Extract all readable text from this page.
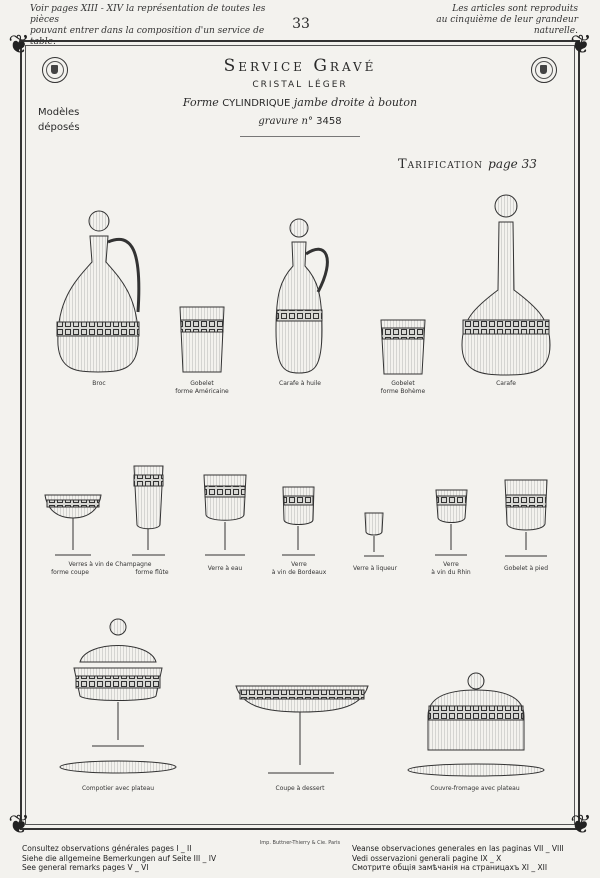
Voir pages XIII - XIV la représentation de toutes les pièces
pouvant entrer dans la composition d'un service de table.
33
Les articles sont reproduits
au cinquième de leur grandeur naturelle.
❦	❦
❦	❦
Service Gravé
CRISTAL LÉGER
Forme CYLINDRIQUE jambe droite à bouton
gravure n° 3458
Modèles
déposés
Tarification page 33
Broc	Gobelet
forme Américaine
Carafe à huile	Gobelet
forme Bohème
Carafe
Verres à vin de Champagne
forme coupe	forme flûte
Verre à eau
Verre
à vin de Bordeaux
Verre à liqueur
Verre
à vin du Rhin
Gobelet à pied
Compotier avec plateau	Coupe à dessert	Couvre-fromage avec plateau
Imp. Buttner-Thierry & Cie. Paris
Consultez observations générales pages I _ II
Siehe die allgemeine Bemerkungen auf Seite III _ IV
See general remarks pages V _ VI
Veanse observaciones generales en las paginas VII _ VIII
Vedi osservazioni generali pagine IX _ X
Смотрите общія замѣчанія на страницахъ XI _ XII
